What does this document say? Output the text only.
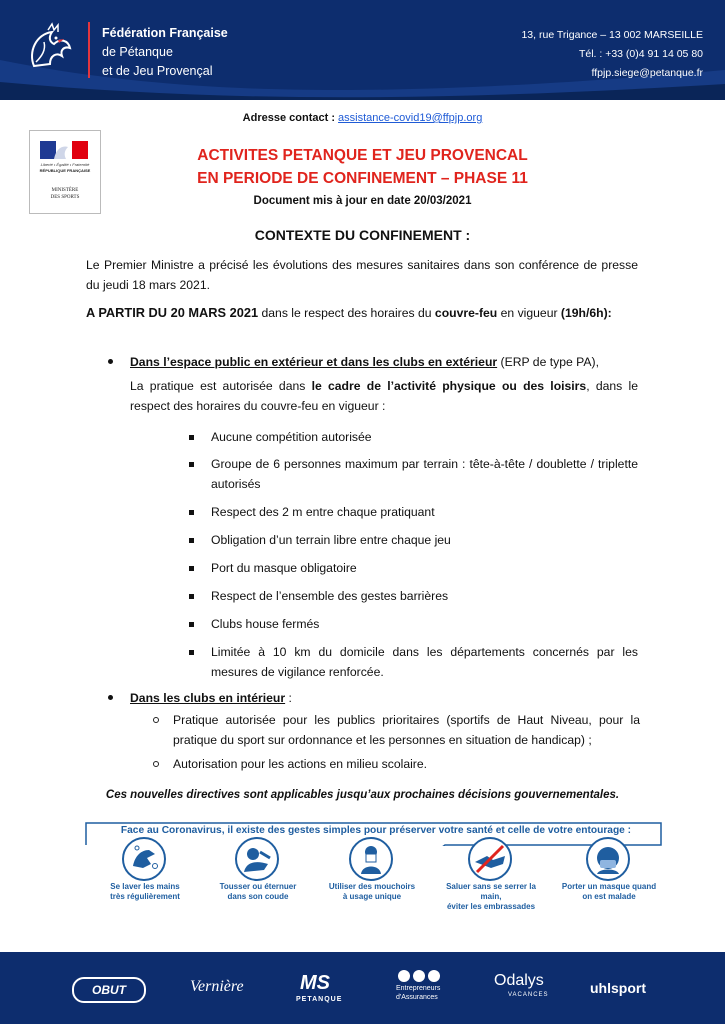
Fédération Française
de Pétanque
et de Jeu Provençal
13, rue Trigance – 13 002 MARSEILLE
Tél. : +33 (0)4 91 14 05 80
ffpjp.siege@petanque.fr
Adresse contact : assistance-covid19@ffpjp.org
Liberté • Égalité • Fraternité
RÉPUBLIQUE FRANÇAISE
MINISTÈRE
DES SPORTS
ACTIVITES PETANQUE ET JEU PROVENCAL
EN PERIODE DE CONFINEMENT – PHASE 11
Document mis à jour en date 20/03/2021
CONTEXTE DU CONFINEMENT :
Le Premier Ministre a précisé les évolutions des mesures sanitaires dans son conférence de presse du jeudi 18 mars 2021.
A PARTIR DU 20 MARS 2021 dans le respect des horaires du couvre-feu en vigueur (19h/6h):
Dans l’espace public en extérieur et dans les clubs en extérieur (ERP de type PA),
La pratique est autorisée dans le cadre de l’activité physique ou des loisirs, dans le respect des horaires du couvre-feu en vigueur :
Aucune compétition autorisée
Groupe de 6 personnes maximum par terrain : tête-à-tête / doublette / triplette autorisés
Respect des 2 m entre chaque pratiquant
Obligation d’un terrain libre entre chaque jeu
Port du masque obligatoire
Respect de l’ensemble des gestes barrières
Clubs house fermés
Limitée à 10 km du domicile dans les départements concernés par les mesures de vigilance renforcée.
Dans les clubs en intérieur :
Pratique autorisée pour les publics prioritaires (sportifs de Haut Niveau, pour la pratique du sport sur ordonnance et les personnes en situation de handicap) ;
Autorisation pour les actions en milieu scolaire.
Ces nouvelles directives sont applicables jusqu’aux prochaines décisions gouvernementales.
Face au Coronavirus, il existe des gestes simples pour préserver votre santé et celle de votre entourage :
Se laver les mains
très régulièrement
Tousser ou éternuer
dans son coude
Utiliser des mouchoirs
à usage unique
Saluer sans se serrer la main,
éviter les embrassades
Porter un masque quand
on est malade
OBUT	Vernière	MS
PETANQUE
Entrepreneurs
d'Assurances
Odalys
VACANCES	uhlsport
